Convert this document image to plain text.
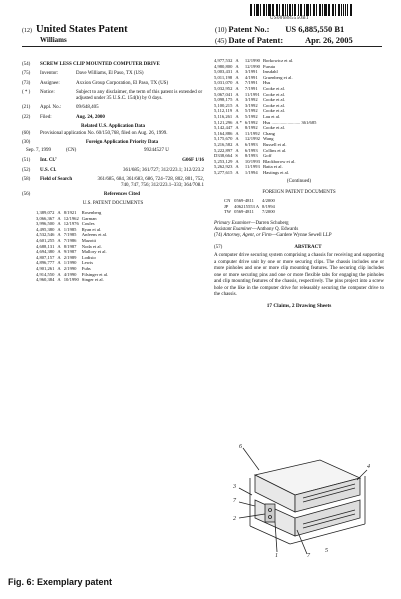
US006885550B1
(12) United States Patent
Williams
(10) Patent No.: US 6,885,550 B1
(45) Date of Patent:	Apr. 26, 2005
(54)	SCREW LESS CLIP MOUNTED COMPUTER DRIVE
(75)	Inventor:	Dave Williams, El Paso, TX (US)
(73)	Assignee:	Axxion Group Corporation, El Paso, TX (US)
( * )	Notice:	Subject to any disclaimer, the term of this patent is extended or adjusted under 35 U.S.C. 154(b) by 0 days.
(21)	Appl. No.:	09/648,405
(22)	Filed:	Aug. 24, 2000
Related U.S. Application Data
(60)	Provisional application No. 60/150,768, filed on Aug. 26, 1999.
(30)	Foreign Application Priority Data
Sep. 7, 1999	(CN)	99244527 U
(51)	Int. Cl.⁷	G06F 1/16
(52)	U.S. Cl.	361/685; 361/727; 312/223.1; 312/223.2
(58)	Field of Search	361/685, 684, 361/683, 686, 724–728, 802, 801, 752, 740, 747, 756; 312/223.1–333; 364/708.1
(56)	References Cited
U.S. PATENT DOCUMENTS
1,389,072	A	8/1921	Rosenberg
3,066,367	A	12/1962	Garman
3,996,500	A	12/1976	Coules
4,495,380	A	1/1985	Ryan et al.
4,532,546	A	7/1985	Anfeens et al.
4,601,255	A	7/1986	Mazotti
4,688,131	A	8/1987	Noda et al.
4,694,380	A	9/1987	Mallory et al.
4,807,157	A	2/1989	Lodisio
4,896,777	A	1/1990	Lewis
4,901,261	A	2/1990	Fuhs
4,914,550	A	4/1990	Filsinger et al.
4,960,384	A	10/1990	Singer et al.
4,977,532	A	12/1990	Borkowicz et al.
4,980,800	A	12/1990	Furuta
5,003,431	A	3/1991	Imsdahl
5,011,198	A	4/1991	Gruenberg et al.
5,031,070	A	7/1991	Hsu
5,032,952	A	7/1991	Cooke et al.
5,067,041	A	11/1991	Cooke et al.
5,098,175	A	3/1992	Cooke et al.
5,100,215	A	3/1992	Cooke et al.
5,112,119	A	5/1992	Cooke et al.
5,116,261	A	5/1992	Lau et al.
5,121,296	A *	6/1992	Hsu ......................... 361/685
5,142,447	A	8/1992	Cooke et al.
5,164,886	A	11/1992	Chang
5,175,670	A	12/1992	Wang
5,216,582	A	6/1993	Russell et al.
5,222,897	A	6/1993	Collins et al.
D338,664	S	8/1993	Goff
5,253,129	A	10/1993	Blackborow et al.
5,262,923	A	11/1993	Batta et al.
5,277,615	A	1/1994	Hastings et al.
(Continued)
FOREIGN PATENT DOCUMENTS
CN	0569-4811	4/2000
JP	406215553 A	8/1994
TW	0569-4811	7/2000
Primary Examiner—Darren Schuberg
Assistant Examiner—Anthony Q. Edwards
(74) Attorney, Agent, or Firm—Gardere Wynne Sewell LLP
(57)	ABSTRACT
A computer drive securing system comprising a chassis for receiving and supporting a computer drive unit by one or more securing clips. The chassis includes one or more pinholes and one or more clip mounting features. The securing clip includes one or more securing pins and one or more flexible tabs for engaging the pinholes and clip mounting features of the chassis, respectively. The pins project into a screw hole or the like in the computer drive for releasably securing the computer drive to the chassis.
17 Claims, 2 Drawing Sheets
6
3
7
2
4
5
1	7
Fig. 6: Exemplary patent
